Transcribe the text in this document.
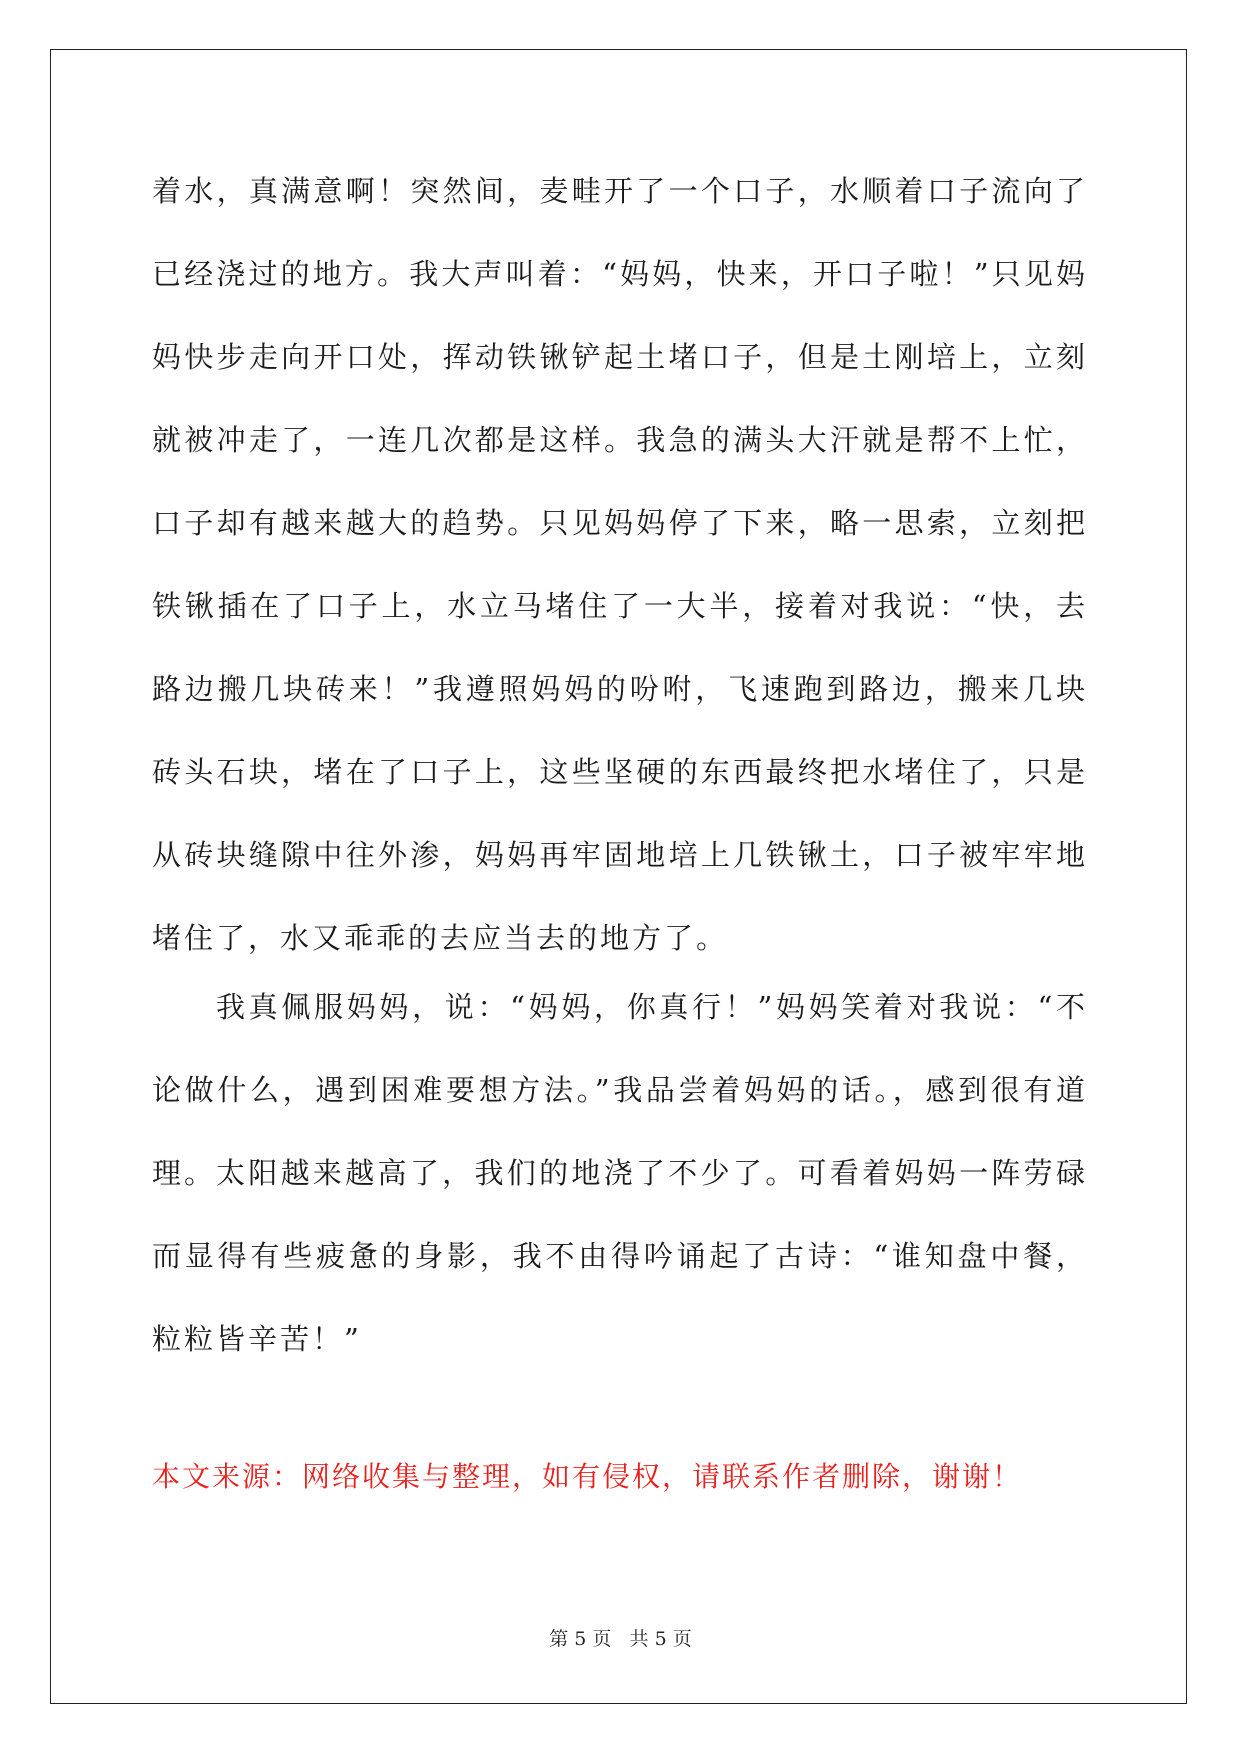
着水，真满意啊！突然间，麦畦开了一个口子，水顺着口子流向了已经浇过的地方。我大声叫着：“妈妈，快来，开口子啦！”只见妈妈快步走向开口处，挥动铁锹铲起土堵口子，但是土刚培上，立刻就被冲走了，一连几次都是这样。我急的满头大汗就是帮不上忙，口子却有越来越大的趋势。只见妈妈停了下来，略一思索，立刻把铁锹插在了口子上，水立马堵住了一大半，接着对我说：“快，去路边搬几块砖来！”我遵照妈妈的吩咐，飞速跑到路边，搬来几块砖头石块，堵在了口子上，这些坚硬的东西最终把水堵住了，只是从砖块缝隙中往外渗，妈妈再牢固地培上几铁锹土，口子被牢牢地堵住了，水又乖乖的去应当去的地方了。

我真佩服妈妈，说：“妈妈，你真行！”妈妈笑着对我说：“不论做什么，遇到困难要想方法。”我品尝着妈妈的话。，感到很有道理。 太阳越来越高了，我们的地浇了不少了。可看着妈妈一阵劳碌而显得有些疲惫的身影，我不由得吟诵起了古诗：“谁知盘中餐，粒粒皆辛苦！”

本文来源：网络收集与整理，如有侵权，请联系作者删除，谢谢！
第 5 页   共 5 页
